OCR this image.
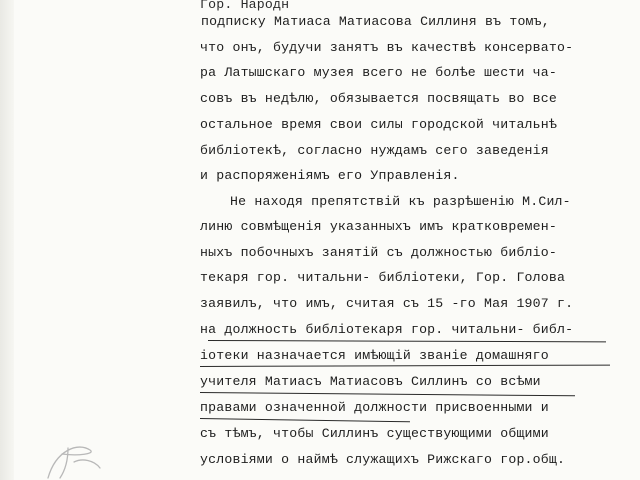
Гор. Народн
подписку Матиаса Матиасова Силлиня въ томъ,
что онъ, будучи занятъ въ качествѣ консервато-
ра Латышскаго музея всего не болѣе шести ча-
совъ въ недѣлю, обязывается посвящать во все
остальное время свои силы городской читальнѣ
библіотекѣ, согласно нуждамъ сего заведенія
и распоряженіямъ его Управленія.
Не находя препятствій къ разрѣшенію М.Сил-
линю совмѣщенія указанныхъ имъ кратковремен-
ныхъ побочныхъ занятій съ должностью библіо-
текаря гор. читальни- библіотеки, Гор. Голова
заявилъ, что имъ, считая съ 15 -го Мая 1907 г.
на должность библіотекаря гор. читальни- библ-
іотеки назначается имѣющій званіе домашняго
учителя Матиасъ Матиасовъ Силлинъ со всѣми
правами означенной должности присвоенными и
съ тѣмъ, чтобы Силлинъ существующими общими
условіями о наймѣ служащихъ Рижскаго гор.общ.
